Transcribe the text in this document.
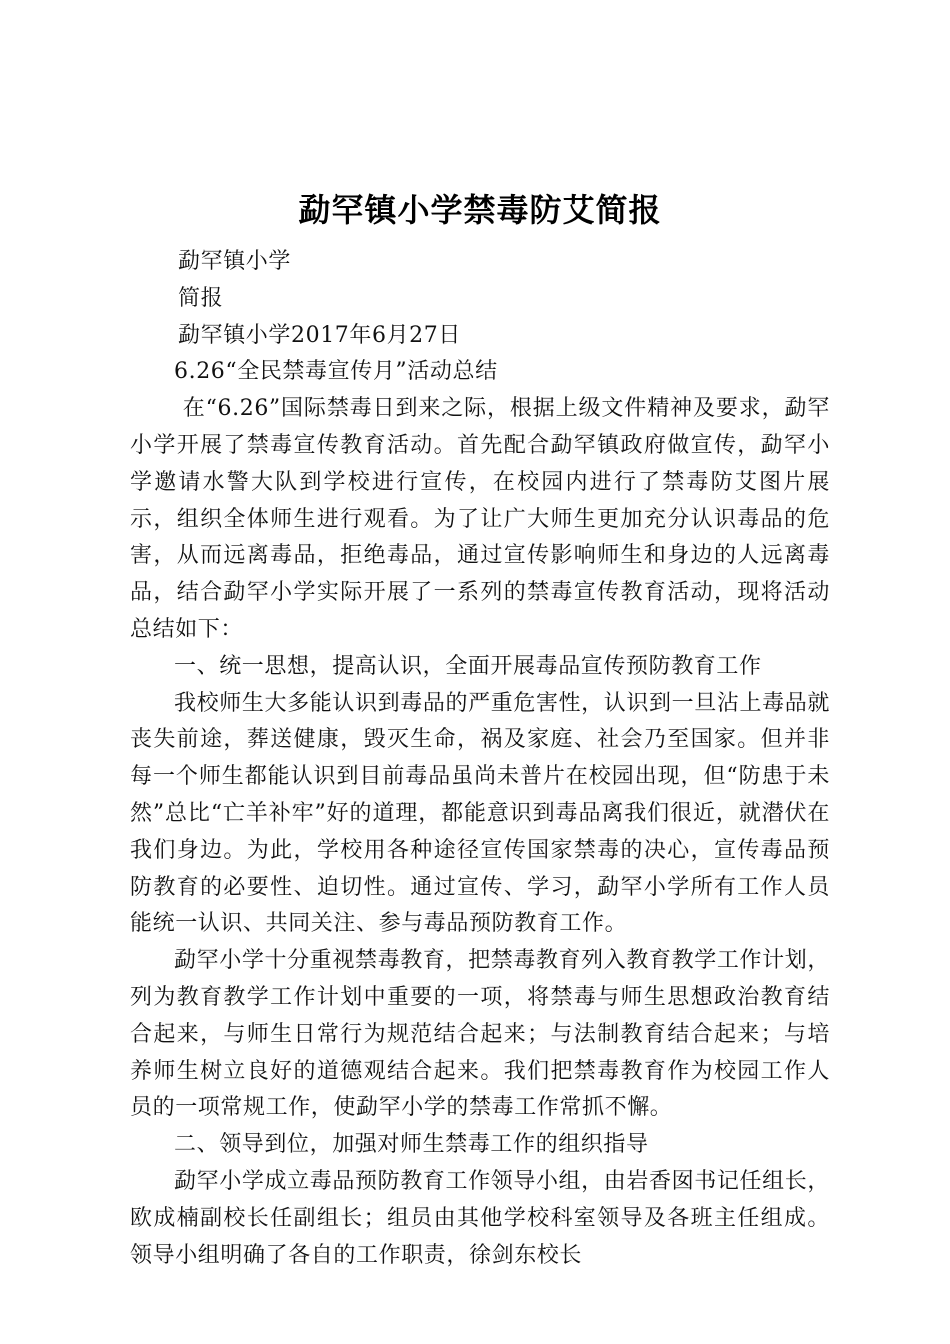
勐罕镇小学禁毒防艾简报

勐罕镇小学

简报

勐罕镇小学2017年6月27日

6.26“全民禁毒宣传月”活动总结

在“6.26”国际禁毒日到来之际，根据上级文件精神及要求，勐罕小学开展了禁毒宣传教育活动。首先配合勐罕镇政府做宣传，勐罕小学邀请水警大队到学校进行宣传，在校园内进行了禁毒防艾图片展示，组织全体师生进行观看。为了让广大师生更加充分认识毒品的危害，从而远离毒品，拒绝毒品，通过宣传影响师生和身边的人远离毒品，结合勐罕小学实际开展了一系列的禁毒宣传教育活动，现将活动总结如下：

一、统一思想，提高认识，全面开展毒品宣传预防教育工作

我校师生大多能认识到毒品的严重危害性，认识到一旦沾上毒品就丧失前途，葬送健康，毁灭生命，祸及家庭、社会乃至国家。但并非每一个师生都能认识到目前毒品虽尚未普片在校园出现，但“防患于未然”总比“亡羊补牢”好的道理，都能意识到毒品离我们很近，就潜伏在我们身边。为此，学校用各种途径宣传国家禁毒的决心，宣传毒品预防教育的必要性、迫切性。通过宣传、学习，勐罕小学所有工作人员能统一认识、共同关注、参与毒品预防教育工作。

勐罕小学十分重视禁毒教育，把禁毒教育列入教育教学工作计划，列为教育教学工作计划中重要的一项，将禁毒与师生思想政治教育结合起来，与师生日常行为规范结合起来；与法制教育结合起来；与培养师生树立良好的道德观结合起来。我们把禁毒教育作为校园工作人员的一项常规工作，使勐罕小学的禁毒工作常抓不懈。

二、领导到位，加强对师生禁毒工作的组织指导

勐罕小学成立毒品预防教育工作领导小组，由岩香囡书记任组长，欧成楠副校长任副组长；组员由其他学校科室领导及各班主任组成。领导小组明确了各自的工作职责，徐剑东校长
